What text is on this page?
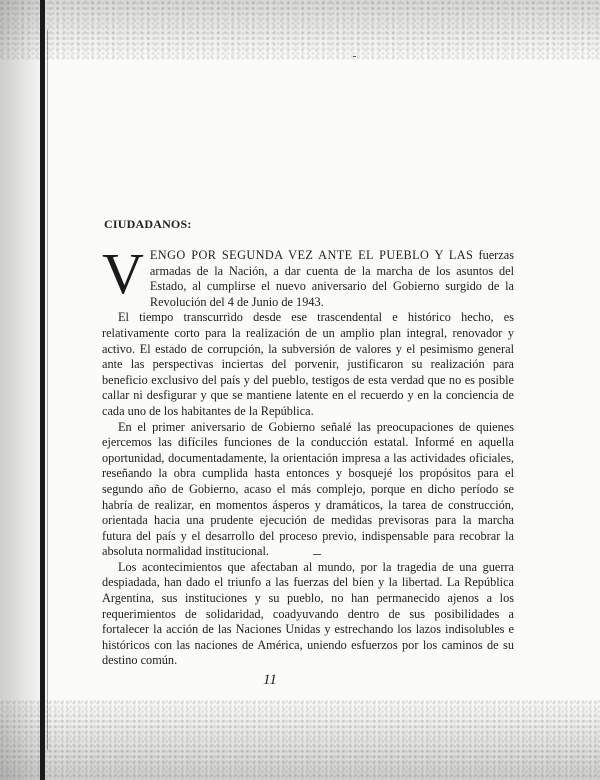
CIUDADANOS:

VENGO POR SEGUNDA VEZ ANTE EL PUEBLO Y LAS fuerzas armadas de la Nación, a dar cuenta de la marcha de los asuntos del Estado, al cumplirse el nuevo aniversario del Gobierno surgido de la Revolución del 4 de Junio de 1943.

El tiempo transcurrido desde ese trascendental e histórico hecho, es relativamente corto para la realización de un amplio plan integral, renovador y activo. El estado de corrupción, la subversión de valores y el pesimismo general ante las perspectivas inciertas del porvenir, justificaron su realización para beneficio exclusivo del país y del pueblo, testigos de esta verdad que no es posible callar ni desfigurar y que se mantiene latente en el recuerdo y en la conciencia de cada uno de los habitantes de la República.

En el primer aniversario de Gobierno señalé las preocupaciones de quienes ejercemos las difíciles funciones de la conducción estatal. Informé en aquella oportunidad, documentadamente, la orientación impresa a las actividades oficiales, reseñando la obra cumplida hasta entonces y bosquejé los propósitos para el segundo año de Gobierno, acaso el más complejo, porque en dicho período se habría de realizar, en momentos ásperos y dramáticos, la tarea de construcción, orientada hacia una prudente ejecución de medidas previsoras para la marcha futura del país y el desarrollo del proceso previo, indispensable para recobrar la absoluta normalidad institucional.

Los acontecimientos que afectaban al mundo, por la tragedia de una guerra despiadada, han dado el triunfo a las fuerzas del bien y la libertad. La República Argentina, sus instituciones y su pueblo, no han permanecido ajenos a los requerimientos de solidaridad, coadyuvando dentro de sus posibilidades a fortalecer la acción de las Naciones Unidas y estrechando los lazos indisolubles e históricos con las naciones de América, uniendo esfuerzos por los caminos de su destino común.

11
